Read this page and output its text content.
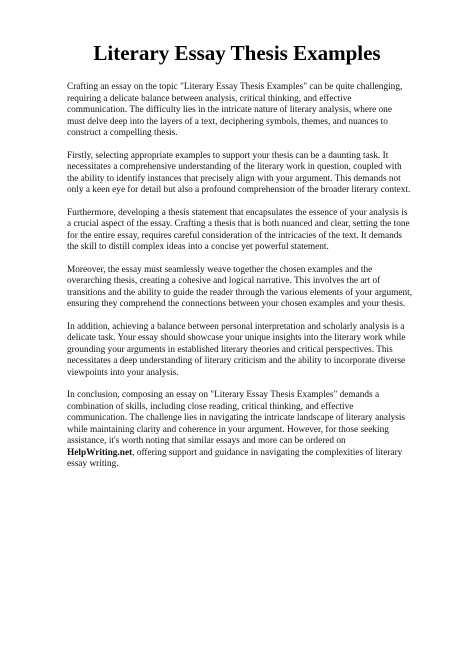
Literary Essay Thesis Examples

Crafting an essay on the topic "Literary Essay Thesis Examples" can be quite challenging, requiring a delicate balance between analysis, critical thinking, and effective communication. The difficulty lies in the intricate nature of literary analysis, where one must delve deep into the layers of a text, deciphering symbols, themes, and nuances to construct a compelling thesis.

Firstly, selecting appropriate examples to support your thesis can be a daunting task. It necessitates a comprehensive understanding of the literary work in question, coupled with the ability to identify instances that precisely align with your argument. This demands not only a keen eye for detail but also a profound comprehension of the broader literary context.

Furthermore, developing a thesis statement that encapsulates the essence of your analysis is a crucial aspect of the essay. Crafting a thesis that is both nuanced and clear, setting the tone for the entire essay, requires careful consideration of the intricacies of the text. It demands the skill to distill complex ideas into a concise yet powerful statement.

Moreover, the essay must seamlessly weave together the chosen examples and the overarching thesis, creating a cohesive and logical narrative. This involves the art of transitions and the ability to guide the reader through the various elements of your argument, ensuring they comprehend the connections between your chosen examples and your thesis.

In addition, achieving a balance between personal interpretation and scholarly analysis is a delicate task. Your essay should showcase your unique insights into the literary work while grounding your arguments in established literary theories and critical perspectives. This necessitates a deep understanding of literary criticism and the ability to incorporate diverse viewpoints into your analysis.

In conclusion, composing an essay on "Literary Essay Thesis Examples" demands a combination of skills, including close reading, critical thinking, and effective communication. The challenge lies in navigating the intricate landscape of literary analysis while maintaining clarity and coherence in your argument. However, for those seeking assistance, it's worth noting that similar essays and more can be ordered on HelpWriting.net, offering support and guidance in navigating the complexities of literary essay writing.
